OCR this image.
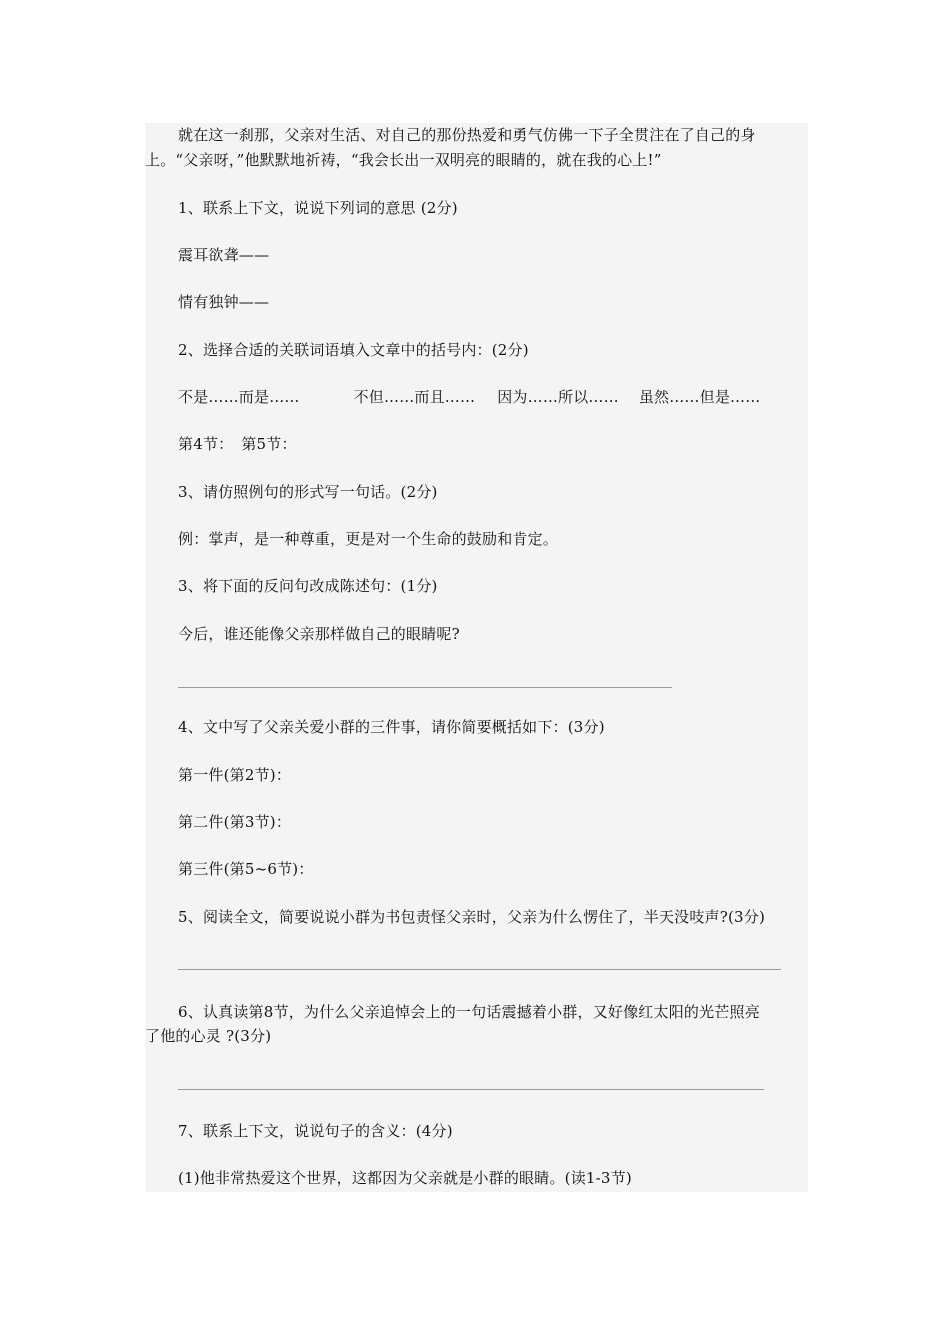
就在这一刹那，父亲对生活、对自己的那份热爱和勇气仿佛一下子全贯注在了自己的身
上。“父亲呀，”他默默地祈祷，“我会长出一双明亮的眼睛的，就在我的心上!”
1、联系上下文，说说下列词的意思 (2分)
震耳欲聋——
情有独钟——
2、选择合适的关联词语填入文章中的括号内：(2分)
不是……而是……	不但……而且…… 因为……所以…… 虽然……但是……
第4节： 第5节：
3、请仿照例句的形式写一句话。(2分)
例：掌声，是一种尊重，更是对一个生命的鼓励和肯定。
3、将下面的反问句改成陈述句：(1分)
今后，谁还能像父亲那样做自己的眼睛呢?
4、文中写了父亲关爱小群的三件事，请你简要概括如下：(3分)
第一件(第2节)：
第二件(第3节)：
第三件(第5~6节)：
5、阅读全文，简要说说小群为书包责怪父亲时，父亲为什么愣住了，半天没吱声?(3分)
6、认真读第8节，为什么父亲追悼会上的一句话震撼着小群，又好像红太阳的光芒照亮
了他的心灵 ?(3分)
7、联系上下文，说说句子的含义：(4分)
(1)他非常热爱这个世界，这都因为父亲就是小群的眼睛。(读1-3节)
